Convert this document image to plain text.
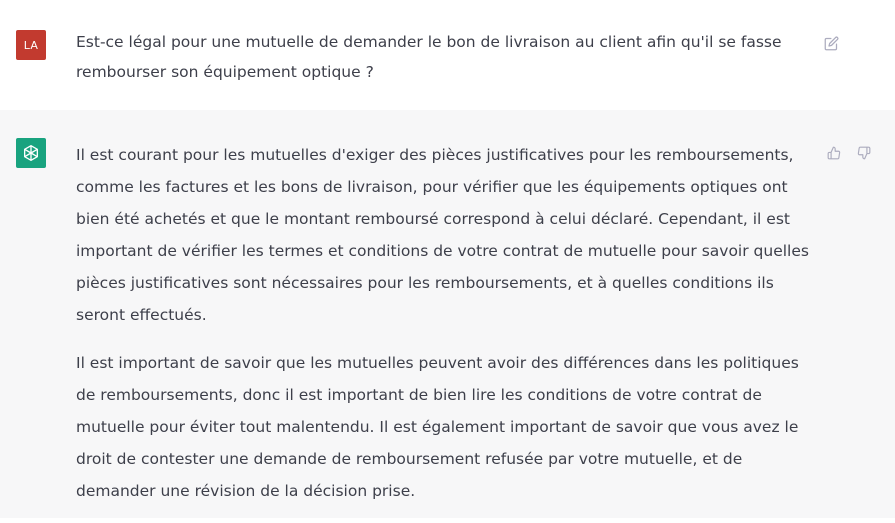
LA Est-ce légal pour une mutuelle de demander le bon de livraison au client afin qu'il se fasse rembourser son équipement optique ?

Il est courant pour les mutuelles d'exiger des pièces justificatives pour les remboursements, comme les factures et les bons de livraison, pour vérifier que les équipements optiques ont bien été achetés et que le montant remboursé correspond à celui déclaré. Cependant, il est important de vérifier les termes et conditions de votre contrat de mutuelle pour savoir quelles pièces justificatives sont nécessaires pour les remboursements, et à quelles conditions ils seront effectués.

Il est important de savoir que les mutuelles peuvent avoir des différences dans les politiques de remboursements, donc il est important de bien lire les conditions de votre contrat de mutuelle pour éviter tout malentendu. Il est également important de savoir que vous avez le droit de contester une demande de remboursement refusée par votre mutuelle, et de demander une révision de la décision prise.
